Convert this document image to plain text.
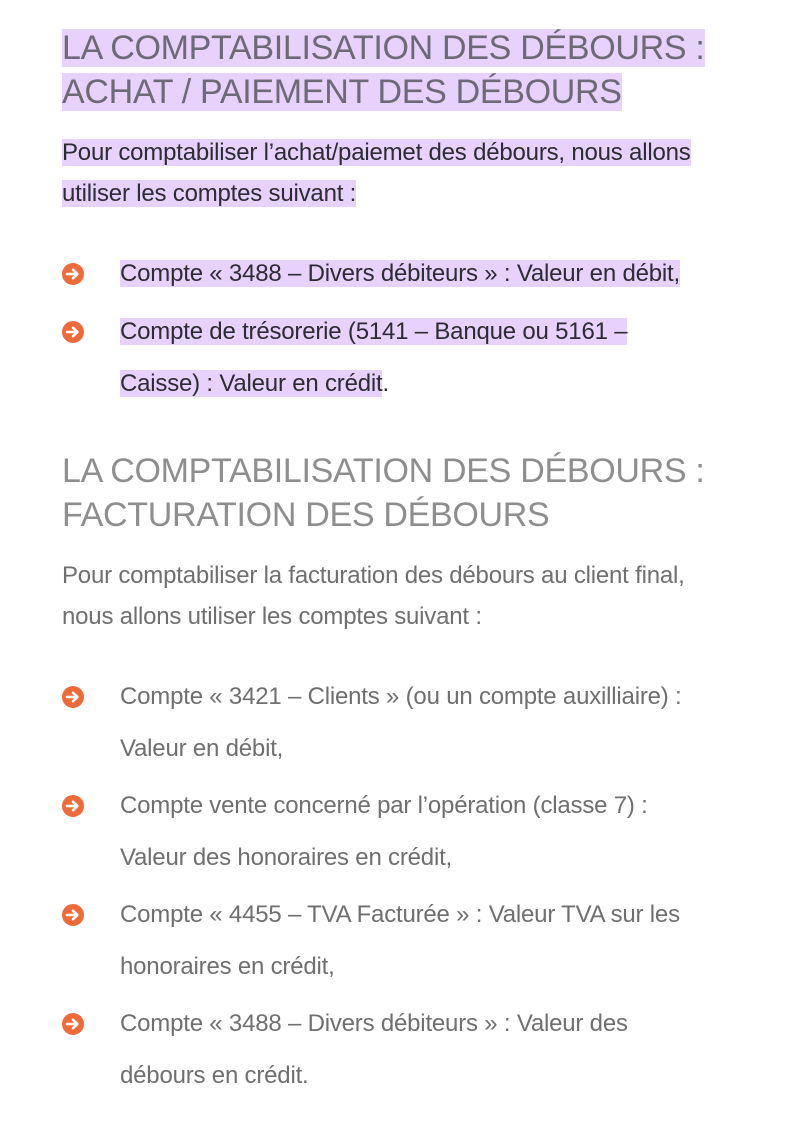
LA COMPTABILISATION DES DÉBOURS :
ACHAT / PAIEMENT DES DÉBOURS

Pour comptabiliser l’achat/paiemet des débours, nous allons utiliser les comptes suivant :

Compte « 3488 – Divers débiteurs » : Valeur en débit,

Compte de trésorerie (5141 – Banque ou 5161 – Caisse) : Valeur en crédit.

LA COMPTABILISATION DES DÉBOURS :
FACTURATION DES DÉBOURS

Pour comptabiliser la facturation des débours au client final, nous allons utiliser les comptes suivant :

Compte « 3421 – Clients » (ou un compte auxilliaire) : Valeur en débit,

Compte vente concerné par l’opération (classe 7) : Valeur des honoraires en crédit,

Compte « 4455 – TVA Facturée » : Valeur TVA sur les honoraires en crédit,

Compte « 3488 – Divers débiteurs » : Valeur des débours en crédit.
